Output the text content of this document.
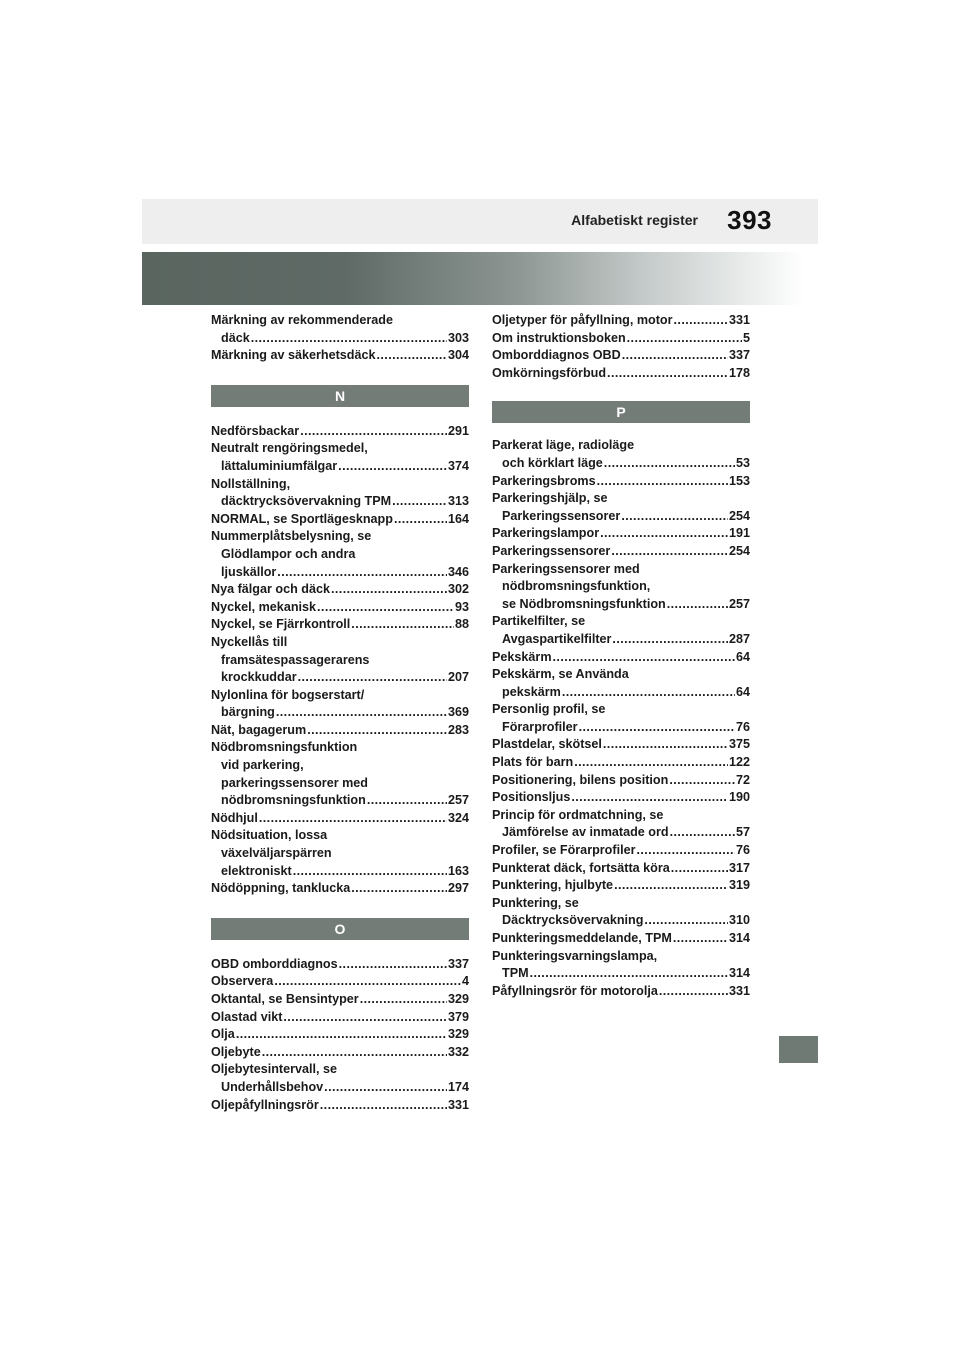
Alfabetiskt register 393
Märkning av rekommenderade
däck .....	303
Märkning av säkerhetsdäck .....	304
N
Nedförsbackar .....	291
Neutralt rengöringsmedel,
lättaluminiumfälgar .....	374
Nollställning,
däcktrycksövervakning TPM .....	313
NORMAL, se Sportlägesknapp .....	164
Nummerplåtsbelysning, se
Glödlampor och andra
ljuskällor .....	346
Nya fälgar och däck .....	302
Nyckel, mekanisk .....	93
Nyckel, se Fjärrkontroll .....	88
Nyckellås till
framsätespassagerarens
krockkuddar .....	207
Nylonlina för bogserstart/
bärgning .....	369
Nät, bagagerum .....	283
Nödbromsningsfunktion
vid parkering,
parkeringssensorer med
nödbromsningsfunktion .....	257
Nödhjul .....	324
Nödsituation, lossa
växelväljarspärren
elektroniskt .....	163
Nödöppning, tanklucka .....	297
O
OBD omborddiagnos .....	337
Observera .....	4
Oktantal, se Bensintyper .....	329
Olastad vikt .....	379
Olja .....	329
Oljebyte .....	332
Oljebytesintervall, se
Underhållsbehov .....	174
Oljepåfyllningsrör .....	331
Oljetyper för påfyllning, motor .....	331
Om instruktionsboken .....	5
Omborddiagnos OBD .....	337
Omkörningsförbud .....	178
P
Parkerat läge, radioläge
och körklart läge .....	53
Parkeringsbroms .....	153
Parkeringshjälp, se
Parkeringssensorer .....	254
Parkeringslampor .....	191
Parkeringssensorer .....	254
Parkeringssensorer med
nödbromsningsfunktion,
se Nödbromsningsfunktion .....	257
Partikelfilter, se
Avgaspartikelfilter .....	287
Pekskärm .....	64
Pekskärm, se Använda
pekskärm .....	64
Personlig profil, se
Förarprofiler .....	76
Plastdelar, skötsel .....	375
Plats för barn .....	122
Positionering, bilens position .....	72
Positionsljus .....	190
Princip för ordmatchning, se
Jämförelse av inmatade ord .....	57
Profiler, se Förarprofiler .....	76
Punkterat däck, fortsätta köra .....	317
Punktering, hjulbyte .....	319
Punktering, se
Däcktrycksövervakning .....	310
Punkteringsmeddelande, TPM .....	314
Punkteringsvarningslampa,
TPM .....	314
Påfyllningsrör för motorolja .....	331
